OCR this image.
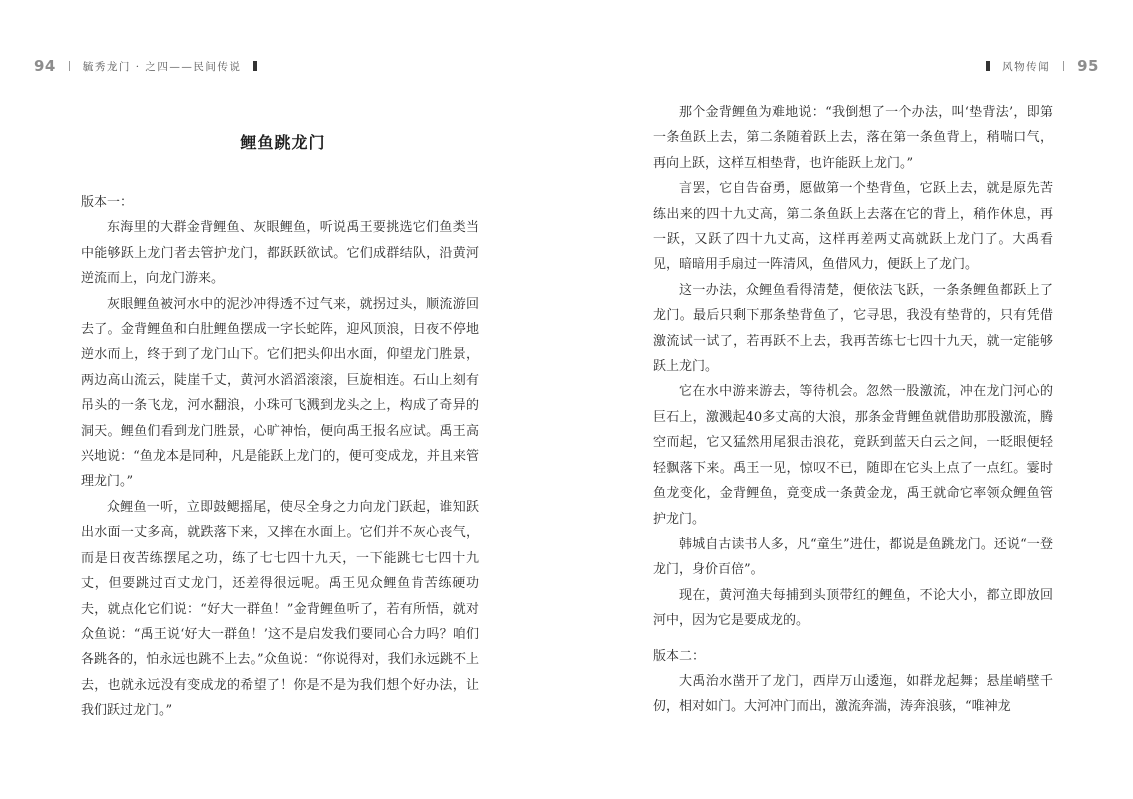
94	毓秀龙门 · 之四——民间传说
鲤鱼跳龙门

版本一：

东海里的大群金背鲤鱼、灰眼鲤鱼，听说禹王要挑选它们鱼类当中能够跃上龙门者去管护龙门，都跃跃欲试。它们成群结队，沿黄河逆流而上，向龙门游来。

灰眼鲤鱼被河水中的泥沙冲得透不过气来，就拐过头，顺流游回去了。金背鲤鱼和白肚鲤鱼摆成一字长蛇阵，迎风顶浪，日夜不停地逆水而上，终于到了龙门山下。它们把头仰出水面，仰望龙门胜景，两边高山流云，陡崖千丈，黄河水滔滔滚滚，巨旋相连。石山上刻有吊头的一条飞龙，河水翻浪，小珠可飞溅到龙头之上，构成了奇异的洞天。鲤鱼们看到龙门胜景，心旷神怡，便向禹王报名应试。禹王高兴地说：“鱼龙本是同种，凡是能跃上龙门的，便可变成龙，并且来管理龙门。”

众鲤鱼一听，立即鼓鳃摇尾，使尽全身之力向龙门跃起，谁知跃出水面一丈多高，就跌落下来，又摔在水面上。它们并不灰心丧气，而是日夜苦练摆尾之功，练了七七四十九天，一下能跳七七四十九丈，但要跳过百丈龙门，还差得很远呢。禹王见众鲤鱼肯苦练硬功夫，就点化它们说：“好大一群鱼！”金背鲤鱼听了，若有所悟，就对众鱼说：“禹王说‘好大一群鱼！’这不是启发我们要同心合力吗？咱们各跳各的，怕永远也跳不上去。”众鱼说：“你说得对，我们永远跳不上去，也就永远没有变成龙的希望了！你是不是为我们想个好办法，让我们跃过龙门。”

风物传闻 95

那个金背鲤鱼为难地说：“我倒想了一个办法，叫‘垫背法’，即第一条鱼跃上去，第二条随着跃上去，落在第一条鱼背上，稍喘口气，再向上跃，这样互相垫背，也许能跃上龙门。”

言罢，它自告奋勇，愿做第一个垫背鱼，它跃上去，就是原先苦练出来的四十九丈高，第二条鱼跃上去落在它的背上，稍作休息，再一跃，又跃了四十九丈高，这样再差两丈高就跃上龙门了。大禹看见，暗暗用手扇过一阵清风，鱼借风力，便跃上了龙门。

这一办法，众鲤鱼看得清楚，便依法飞跃，一条条鲤鱼都跃上了龙门。最后只剩下那条垫背鱼了，它寻思，我没有垫背的，只有凭借激流试一试了，若再跃不上去，我再苦练七七四十九天，就一定能够跃上龙门。

它在水中游来游去，等待机会。忽然一股激流，冲在龙门河心的巨石上，激溅起40多丈高的大浪，那条金背鲤鱼就借助那股激流，腾空而起，它又猛然用尾狠击浪花，竟跃到蓝天白云之间，一眨眼便轻轻飘落下来。禹王一见，惊叹不已，随即在它头上点了一点红。霎时鱼龙变化，金背鲤鱼，竟变成一条黄金龙，禹王就命它率领众鲤鱼管护龙门。

韩城自古读书人多，凡“童生”进仕，都说是鱼跳龙门。还说“一登龙门，身价百倍”。

现在，黄河渔夫每捕到头顶带红的鲤鱼，不论大小，都立即放回河中，因为它是要成龙的。

版本二：

大禹治水凿开了龙门，西岸万山逶迤，如群龙起舞；悬崖峭壁千仞，相对如门。大河冲门而出，激流奔湍，涛奔浪骇，“唯神龙
